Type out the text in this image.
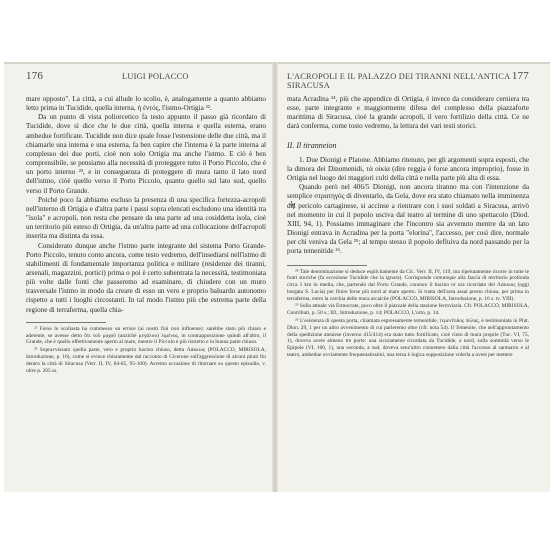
176	LUIGI POLACCO

mare opposto". La città, a cui allude lo scolio, è, analogamente a quanto abbiamo letto prima in Tucidide, quella interna, ἡ ἐντός, l'istmo-Ortigia ²².

Da un punto di vista poliorcetico fa testo appunto il passo già ricordato di Tucidide, dove si dice che le due città, quella interna e quella esterna, erano ambedue fortificate. Tucidide non dice quale fosse l'estensione delle due città, ma il chiamarle una interna e una esterna, fa ben capire che l'interna è la parte interna al complesso dei due porti, cioè non solo Ortigia ma anche l'istmo. E ciò è ben comprensibile, se pensiamo alla necessità di proteggere tutto il Porto Piccolo, che è un porto interno ²³, e in conseguenza di proteggere di mura tanto il lato nord dell'istmo, ciòè quello verso il Porto Piccolo, quanto quello sul lato sud, quello verso il Porto Grande.

Poiché poco fa abbiamo escluso la presenza di una specifica fortezza-acropoli nell'interno di Ortigia e d'altra parte i passi sopra elencati escludono una identità tra "isola" e acropoli, non resta che pensare da una parte ad una cosiddetta isola, cioè un territorio più esteso di Ortigia, da un'altra parte ad una collocazione dell'acropoli inserita ma distinta da essa.

Considerato dunque anche l'istmo parte integrante del sistema Porto Grande-Porto Piccolo, tenuto conto ancora, come testo vedremo, dell'insediarsi nell'istmo di stabilimenti di fondamentale importanza politica e militare (residenze dei tiranni, arsenali, magazzini, portici) prima o poi è certo subentrata la necessità, testimoniata più volte dalle fonti che passeremo ad esaminare, di chiudere con un muro trasversale l'istmo in modo da creare di esso un vero e proprio baluardo autonomo rispetto a tutti i luoghi circostanti. In tal modo l'istmo più che estrema parte della regione di terraferma, quella chia-

²² Forse lo scoliasta ha commesso un errore (ai nostri fini non influente): sarebbe stato più chiaro e aderente, se avesse detto ὅτι τοῦ μυχοῦ (anziché μεγάλου) λιμένος, in contrapposizione quindi all'altro, il Grande, che è quello effettivamente aperto al mare, mentre il Piccolo è più ristretto e in buona parte chiuso.

²³ Sopravvissuto quella parte, vero e proprio bacino chiuso, detta Λάκκιος (POLACCO, MIRISOLA, Introduzione, p. 16), come si evince chiaramente dal racconto di Cicerone sull'aggressione di alcuni pirati fin dentro la città di Siracusa (Verr. II, IV, 84-85, 95-100). Avremo occasione di ritornare su questo episodio, v. oltre p. 205 ss.

L'ACROPOLI E IL PALAZZO DEI TIRANNI NELL'ANTICA SIRACUSA
177

mata Acradina ²⁴, più che appendice di Ortigia, è invece da considerare cerniera tra esse, parte integrante e maggiormente difesa del complesso della piazzaforte marittima di Siracusa, cioè la grande acropoli, il vero fortilizio della città. Ce ne darà conferma, come tosto vedremo, la lettura dei vari testi storici.

II. Il tiranneion

1. Due Dionigi e Platone. Abbiamo ritenuto, per gli argomenti sopra esposti, che la dimora dei Dinomenidi, τὰ οἰκία (dire reggia è forse ancora improprio), fosse in Ortigia nel luogo dei maggiori culti della città e nella parte più alta di essa.

Quando però nel 406/5 Dionigi, non ancora tiranno ma con l'intenzione da semplice στρατηγός di diventarlo, da Gela, dove era stato chiamato nella imminenza del pericolo cartaginese, si accinse a rientrare con i suoi soldati a Siracusa, arrivò nel momento in cui il popolo usciva dal teatro al termine di uno spettacolo (Diod. XIII, 94, 1). Possiamo immaginare che l'incontro sia avvenuto mentre da un lato Dionigi entrava in Acradina per la porta "elorina", l'accesso, per così dire, normale per chi veniva da Gela ²⁵; al tempo stesso il popolo defluiva da nord passando per la porta temenitide ²⁶.

²⁴ Tale denominazione si deduce esplicitamente da Cic. Verr. II, IV, 119, ma ripetutamente ricorre in tutte le fonti storiche (fa eccezione Tucidide che la ignora). Corrisponde comunque alla fascia di territorio profonda circa 1 km in media, che, partendo dal Porto Grande, conosce il bacino or ora ricordato del Λάκκιος (oggi borgata S. Lucia) per finire forse più nord al mare aperto. Si tratta dell'area assai presto chiusa, per prima in terraferma, entro la cerchia delle mura arcaiche (POLACCO, MIRISOLA, Introduzione, p. 16 s. tv. VIII).

²⁵ Sulla attuale via Ermocrate, poco oltre il piazzale della stazione ferroviaria. Cfr. POLACCO, MIRISOLA, Contributi, p. 50 s.; ID., Introduzione, p. 14; POLACCO, L'orto, p. 14.

²⁶ L'esistenza di questa porta, chiamata espressamente temenitide, τεμενῖτιδος πύλας, è testimoniata in Plut. Dion, 29, 1 per un altro avvenimento di cui parleremo oltre (cfr. nota 54). Il Temenite, che nell'approntamento della spedizione ateniese (inverno 415/414) era stato tutto fortificato, cioè cinto di mura proprie (Tuc. VI, 75, 1), doveva avere almeno tre porte: una sicuramente ricordata da Tucidide, a nord, sulla sommità verso le Epipole (VI, 100, 1), una seconda, a sud, doveva senz'altro connettere dalla città l'accesso al santuario e al teatro, ambedue ovviamente frequentatissimi, una terza è logica supposizione volerla a ovest per mettere
